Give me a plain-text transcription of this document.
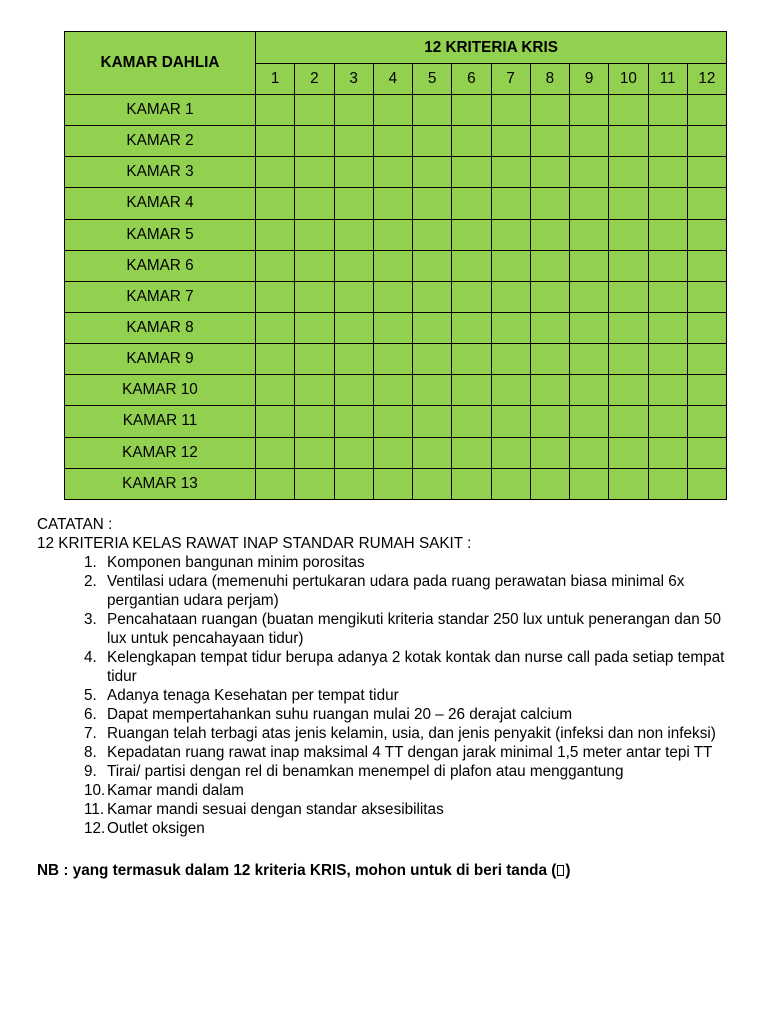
KAMAR DAHLIA	12 KRITERIA KRIS											
	1	2	3	4	5	6	7	8	9	10	11	12
KAMAR 1												
KAMAR 2												
KAMAR 3												
KAMAR 4												
KAMAR 5												
KAMAR 6												
KAMAR 7												
KAMAR 8												
KAMAR 9												
KAMAR 10												
KAMAR 11												
KAMAR 12												
KAMAR 13												
CATATAN :
12 KRITERIA KELAS RAWAT INAP STANDAR RUMAH SAKIT :
1. Komponen bangunan minim porositas
2. Ventilasi udara (memenuhi pertukaran udara pada ruang perawatan biasa minimal 6x
pergantian udara perjam)
3. Pencahataan ruangan (buatan mengikuti kriteria standar 250 lux untuk penerangan dan 50
lux untuk pencahayaan tidur)
4. Kelengkapan tempat tidur berupa adanya 2 kotak kontak dan nurse call pada setiap tempat
tidur
5. Adanya tenaga Kesehatan per tempat tidur
6. Dapat mempertahankan suhu ruangan mulai 20 – 26 derajat calcium
7. Ruangan telah terbagi atas jenis kelamin, usia, dan jenis penyakit (infeksi dan non infeksi)
8. Kepadatan ruang rawat inap maksimal 4 TT dengan jarak minimal 1,5 meter antar tepi TT
9. Tirai/ partisi dengan rel di benamkan menempel di plafon atau menggantung
10. Kamar mandi dalam
11. Kamar mandi sesuai dengan standar aksesibilitas
12. Outlet oksigen
NB : yang termasuk dalam 12 kriteria KRIS, mohon untuk di beri tanda ( )
